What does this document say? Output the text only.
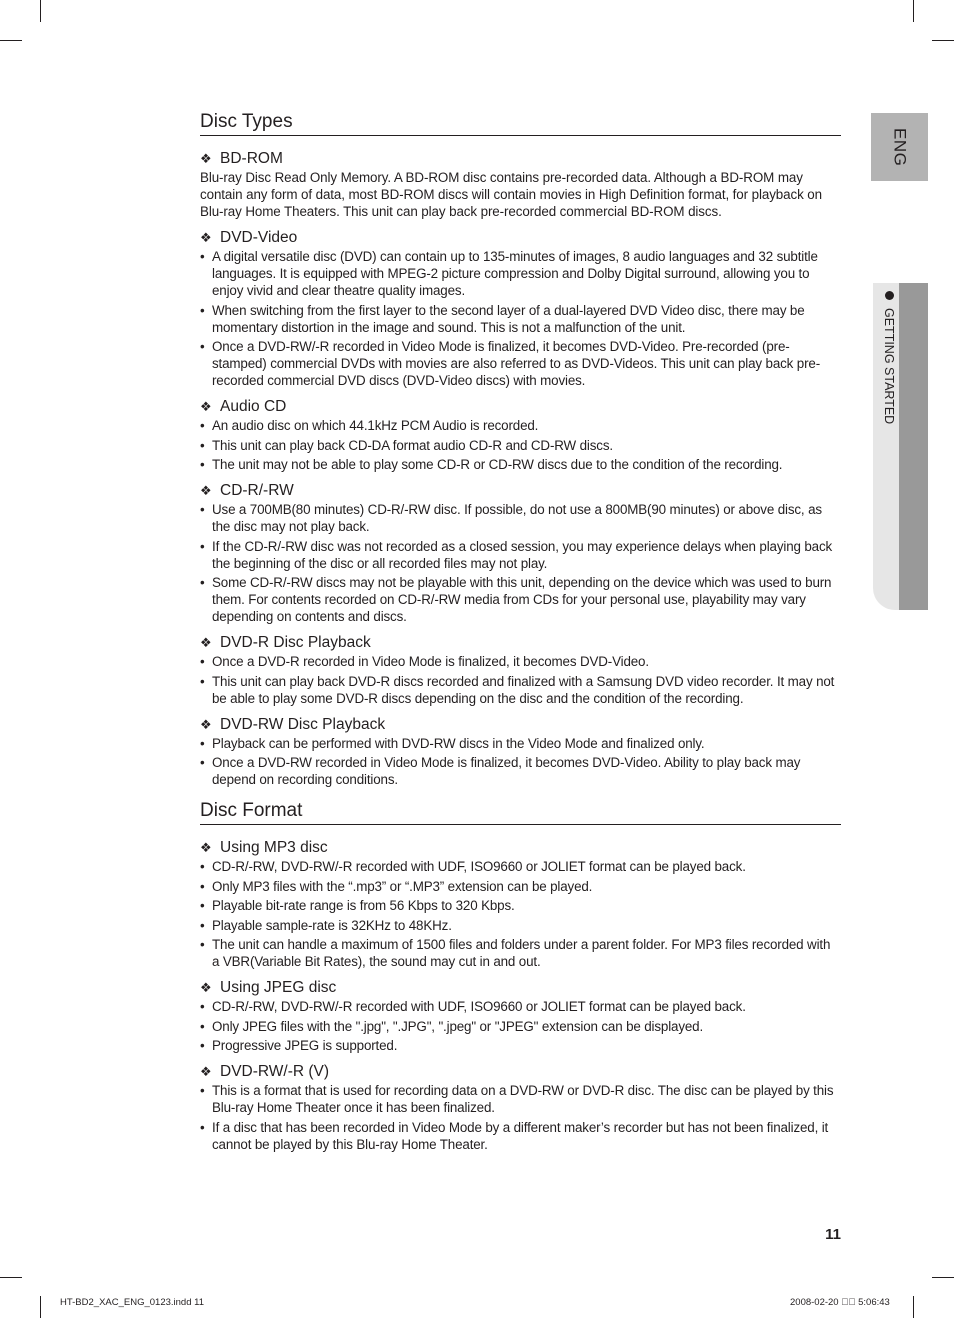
ENG
GETTING STARTED
Disc Types
❖ BD-ROM
Blu-ray Disc Read Only Memory. A BD-ROM disc contains pre-recorded data. Although a BD-ROM may contain any form of data, most BD-ROM discs will contain movies in High Definition format, for playback on Blu-ray Home Theaters. This unit can play back pre-recorded commercial BD-ROM discs.
❖ DVD-Video
• A digital versatile disc (DVD) can contain up to 135-minutes of images, 8 audio languages and 32 subtitle languages. It is equipped with MPEG-2 picture compression and Dolby Digital surround, allowing you to enjoy vivid and clear theatre quality images.
• When switching from the first layer to the second layer of a dual-layered DVD Video disc, there may be momentary distortion in the image and sound. This is not a malfunction of the unit.
• Once a DVD-RW/-R recorded in Video Mode is finalized, it becomes DVD-Video. Pre-recorded (pre-stamped) commercial DVDs with movies are also referred to as DVD-Videos. This unit can play back pre-recorded commercial DVD discs (DVD-Video discs) with movies.
❖ Audio CD
• An audio disc on which 44.1kHz PCM Audio is recorded.
• This unit can play back CD-DA format audio CD-R and CD-RW discs.
• The unit may not be able to play some CD-R or CD-RW discs due to the condition of the recording.
❖ CD-R/-RW
• Use a 700MB(80 minutes) CD-R/-RW disc. If possible, do not use a 800MB(90 minutes) or above disc, as the disc may not play back.
• If the CD-R/-RW disc was not recorded as a closed session, you may experience delays when playing back the beginning of the disc or all recorded files may not play.
• Some CD-R/-RW discs may not be playable with this unit, depending on the device which was used to burn them. For contents recorded on CD-R/-RW media from CDs for your personal use, playability may vary depending on contents and discs.
❖ DVD-R Disc Playback
• Once a DVD-R recorded in Video Mode is finalized, it becomes DVD-Video.
• This unit can play back DVD-R discs recorded and finalized with a Samsung DVD video recorder. It may not be able to play some DVD-R discs depending on the disc and the condition of the recording.
❖ DVD-RW Disc Playback
• Playback can be performed with DVD-RW discs in the Video Mode and finalized only.
• Once a DVD-RW recorded in Video Mode is finalized, it becomes DVD-Video. Ability to play back may depend on recording conditions.
Disc Format
❖ Using MP3 disc
• CD-R/-RW, DVD-RW/-R recorded with UDF, ISO9660 or JOLIET format can be played back.
• Only MP3 files with the “.mp3” or “.MP3” extension can be played.
• Playable bit-rate range is from 56 Kbps to 320 Kbps.
• Playable sample-rate is 32KHz to 48KHz.
• The unit can handle a maximum of 1500 files and folders under a parent folder. For MP3 files recorded with a VBR(Variable Bit Rates), the sound may cut in and out.
❖ Using JPEG disc
• CD-R/-RW, DVD-RW/-R recorded with UDF, ISO9660 or JOLIET format can be played back.
• Only JPEG files with the ".jpg", ".JPG", ".jpeg" or "JPEG" extension can be displayed.
• Progressive JPEG is supported.
❖ DVD-RW/-R (V)
• This is a format that is used for recording data on a DVD-RW or DVD-R disc. The disc can be played by this Blu-ray Home Theater once it has been finalized.
• If a disc that has been recorded in Video Mode by a different maker’s recorder but has not been finalized, it cannot be played by this Blu-ray Home Theater.
11
HT-BD2_XAC_ENG_0123.indd 11	2008-02-20 ￿￿ 5:06:43
